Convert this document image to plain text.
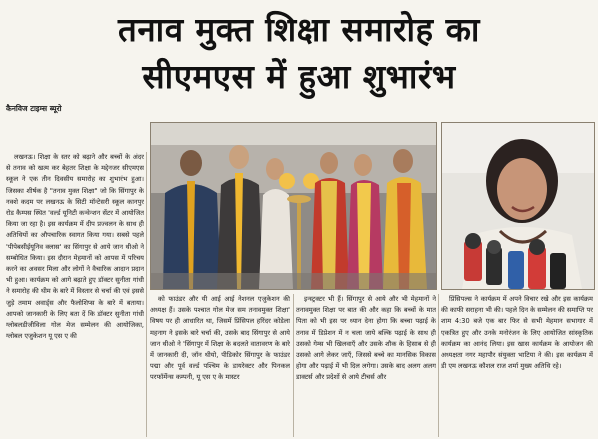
तनाव मुक्त शिक्षा समारोह का
सीएमएस में हुआ शुभारंभ
कैनविज टाइम्स ब्यूरो

लखनऊ। शिक्षा के स्तर को बढ़ाने और बच्चों के अंदर से तनाव को खत्म कर बेहतर शिक्षा के मद्देनजर सीएमएस स्कूल ने एक तीन दिवसीय समारोह का शुभारंभ हुआ। जिसका शीर्षक है "तनाव मुक्त शिक्षा" जो कि सिंगापुर के नक्शे कदम पर लखनऊ के सिटी मॉन्टेसरी स्कूल कानपुर रोड कैम्पस स्थित 'वर्ल्ड यूनिटी कन्वेन्शन सेंटर में आयोजित किया जा रहा है। इस कार्यक्रम में दीप प्रज्वलन के साथ ही अतिथियों का औपचारिक स्वागत किया गया। सबसे पहले 'पीपेबसीईयूनिव क्लास' का सिंगापुर से आये जान थीओ ने सम्बोधित किया। इस दौरान मेहमानों को आपस में परिचय करने का अवसर मिला और लोगों ने वैचारिक आदान प्रदान भी हुआ। कार्यक्रम को आगे बढ़ाते हुए डॉक्टर सुनीता गांधी ने समारोह की थीम के बारे में विस्तार से चर्चा की एवं इससे जुड़े तमाम अवार्ड्स और फैलोशिप्स के बारे में बताया। आपको जानकारी के लिए बता दें कि डॉक्टर सुनीता गांधी ग्लोबलडीजीविला गोल मेज सम्मेलन की आयोजिका, ग्लोबल एजुकेशन यू एस ए की

को फाउंडर और यी आई आई नेशनल एजुकेशन की अध्यक्ष हैं। उसके पश्चात गोल मेज सम तनावमुक्त शिक्षा' विषय पर ही आधारित था, जिसमें प्रिंसिपल हरिंदर कोडेला महनाग ने इसके बारे चर्चा की, उसके बाद सिंगापुर से आये जान थीओ ने 'सिंगापुर में शिक्षा के बदलते वातावरण के बारे में जानकारी दी, जॉन थीयो, पीडिकोर सिंगापुर के फाउंडर पद्मा और पूर्व वर्ल्ड पश्चिम के डायरेक्टर और पिनकल परफॉर्मेन्स कम्पनी, यू एस ए के मास्टर

इन्स्ट्रक्टर भी हैं। सिंगापुर से आये और भी मेहमानों ने तनावमुक्त शिक्षा पर बात की और कहा कि बच्चों के मात पिता को भी इस पर ध्यान देना होगा कि बच्चा पढ़ाई के तनाव में डिप्रेशन में न चला जाये बल्कि पढ़ाई के साथ ही उसको गेम्स भी खिलवाएँ और उसके शौक के हिसाब से ही उसको आगे लेकर जाएँ, जिससे बच्चे का मानसिक विकास होगा और पढ़ाई में भी दिल लगेगा। उसके बाद अलग अलग डाक्टर्स और प्रदेशों से आये टीचर्स और

प्रिंसिपल्स ने कार्यक्रम में अपने विचार रखे और इस कार्यक्रम की काफी सराहना भी की। पहले दिन के सम्मेलन की समाप्ति पर शाम 4:30 बजे एक बार फिर से सभी मेहमान सभागार में एकत्रित हुए और उनके मनोरंजन के लिए आयोजित सांस्कृतिक कार्यक्रम का आनंद लिया। इस खास कार्यक्रम के आयोजन की अध्यक्षता नगर महापौर संयुक्ता भाटिया ने की। इस कार्यक्रम में डी एम लखनऊ कौशल राज शर्मा मुख्य अतिथि रहे।
